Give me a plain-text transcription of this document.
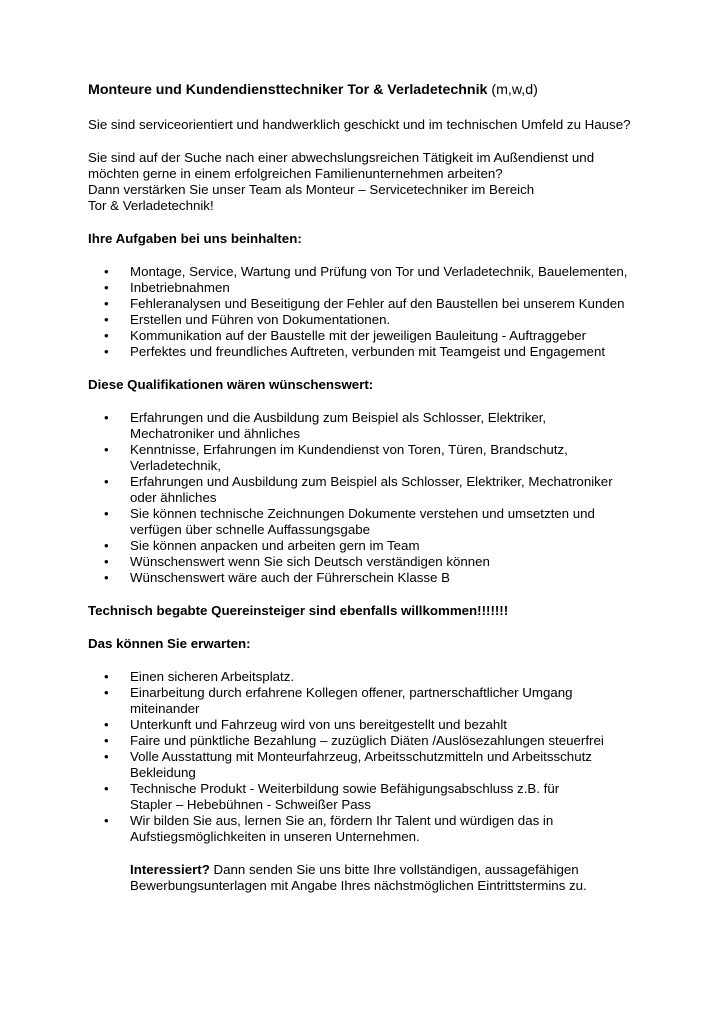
Monteure und Kundendiensttechniker Tor & Verladetechnik (m,w,d)

Sie sind serviceorientiert und handwerklich geschickt und im technischen Umfeld zu Hause?

Sie sind auf der Suche nach einer abwechslungsreichen Tätigkeit im Außendienst und
möchten gerne in einem erfolgreichen Familienunternehmen arbeiten?
Dann verstärken Sie unser Team als Monteur – Servicetechniker im Bereich
Tor & Verladetechnik!

Ihre Aufgaben bei uns beinhalten:

• Montage, Service, Wartung und Prüfung von Tor und Verladetechnik, Bauelementen,
• Inbetriebnahmen
• Fehleranalysen und Beseitigung der Fehler auf den Baustellen bei unserem Kunden
• Erstellen und Führen von Dokumentationen.
• Kommunikation auf der Baustelle mit der jeweiligen Bauleitung - Auftraggeber
• Perfektes und freundliches Auftreten, verbunden mit Teamgeist und Engagement

Diese Qualifikationen wären wünschenswert:

• Erfahrungen und die Ausbildung zum Beispiel als Schlosser, Elektriker,
Mechatroniker und ähnliches
• Kenntnisse, Erfahrungen im Kundendienst von Toren, Türen, Brandschutz,
Verladetechnik,
• Erfahrungen und Ausbildung zum Beispiel als Schlosser, Elektriker, Mechatroniker
oder ähnliches
• Sie können technische Zeichnungen Dokumente verstehen und umsetzten und
verfügen über schnelle Auffassungsgabe
• Sie können anpacken und arbeiten gern im Team
• Wünschenswert wenn Sie sich Deutsch verständigen können
• Wünschenswert wäre auch der Führerschein Klasse B

Technisch begabte Quereinsteiger sind ebenfalls willkommen!!!!!!!

Das können Sie erwarten:

• Einen sicheren Arbeitsplatz.
• Einarbeitung durch erfahrene Kollegen offener, partnerschaftlicher Umgang
miteinander
• Unterkunft und Fahrzeug wird von uns bereitgestellt und bezahlt
• Faire und pünktliche Bezahlung – zuzüglich Diäten /Auslösezahlungen steuerfrei
• Volle Ausstattung mit Monteurfahrzeug, Arbeitsschutzmitteln und Arbeitsschutz
Bekleidung
• Technische Produkt - Weiterbildung sowie Befähigungsabschluss z.B. für
Stapler – Hebebühnen - Schweißer Pass
• Wir bilden Sie aus, lernen Sie an, fördern Ihr Talent und würdigen das in
Aufstiegsmöglichkeiten in unseren Unternehmen.

Interessiert? Dann senden Sie uns bitte Ihre vollständigen, aussagefähigen
Bewerbungsunterlagen mit Angabe Ihres nächstmöglichen Eintrittstermins zu.
